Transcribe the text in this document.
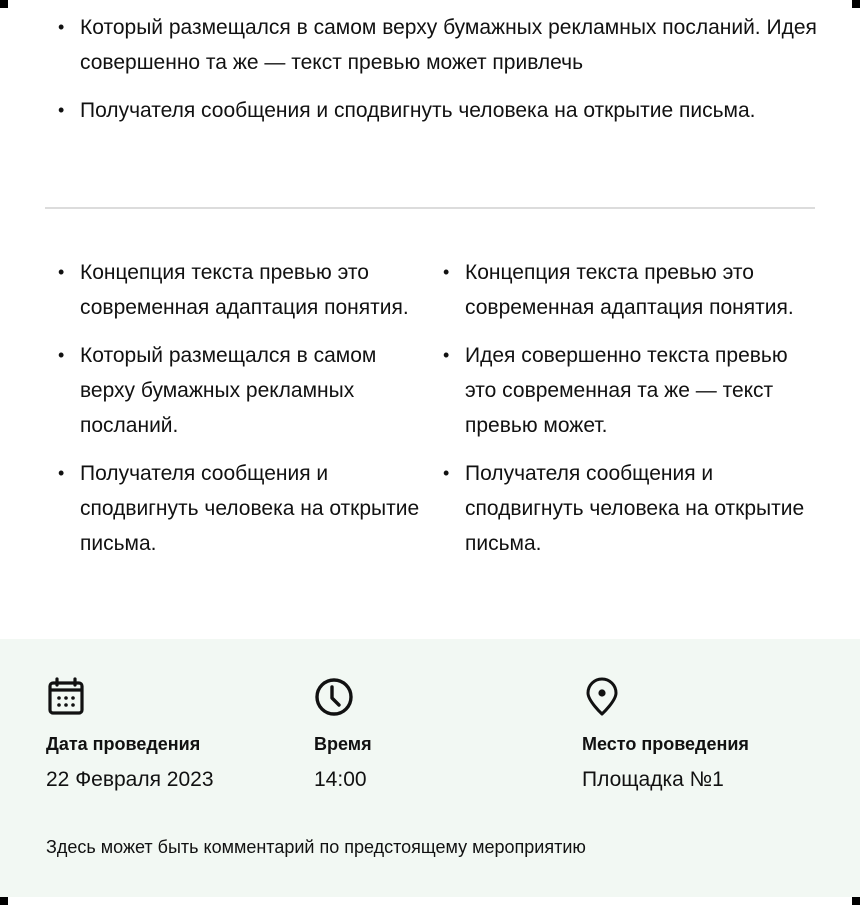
• Который размещался в самом верху бумажных рекламных посланий. Идея совершенно та же — текст превью может привлечь
• Получателя сообщения и сподвигнуть человека на открытие письма.
• Концепция текста превью это современная адаптация понятия.
• Который размещался в самом верху бумажных рекламных посланий.
• Получателя сообщения и сподвигнуть человека на открытие письма.
• Концепция текста превью это современная адаптация понятия.
• Идея совершенно текста превью это современная та же — текст превью может.
• Получателя сообщения и сподвигнуть человека на открытие письма.
Дата проведения
22 Февраля 2023
Время
14:00
Место проведения
Площадка №1
Здесь может быть комментарий по предстоящему мероприятию
